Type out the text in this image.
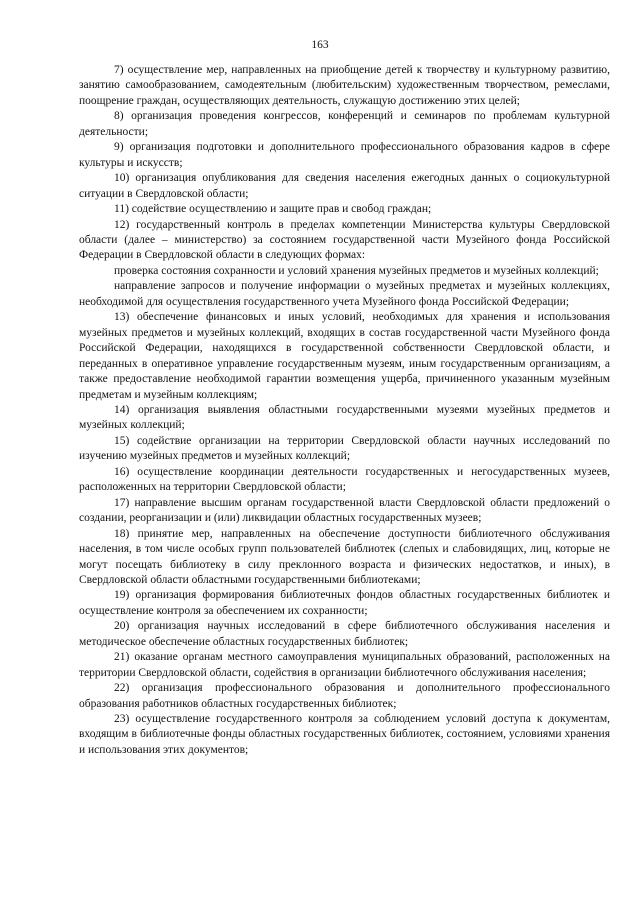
163

7) осуществление мер, направленных на приобщение детей к творчеству и культурному развитию, занятию самообразованием, самодеятельным (любительским) художественным творчеством, ремеслами, поощрение граждан, осуществляющих деятельность, служащую достижению этих целей;

8) организация проведения конгрессов, конференций и семинаров по проблемам культурной деятельности;

9) организация подготовки и дополнительного профессионального образования кадров в сфере культуры и искусств;

10) организация опубликования для сведения населения ежегодных данных о социокультурной ситуации в Свердловской области;

11) содействие осуществлению и защите прав и свобод граждан;

12) государственный контроль в пределах компетенции Министерства культуры Свердловской области (далее – министерство) за состоянием государственной части Музейного фонда Российской Федерации в Свердловской области в следующих формах:

проверка состояния сохранности и условий хранения музейных предметов и музейных коллекций;

направление запросов и получение информации о музейных предметах и музейных коллекциях, необходимой для осуществления государственного учета Музейного фонда Российской Федерации;

13) обеспечение финансовых и иных условий, необходимых для хранения и использования музейных предметов и музейных коллекций, входящих в состав государственной части Музейного фонда Российской Федерации, находящихся в государственной собственности Свердловской области, и переданных в оперативное управление государственным музеям, иным государственным организациям, а также предоставление необходимой гарантии возмещения ущерба, причиненного указанным музейным предметам и музейным коллекциям;

14) организация выявления областными государственными музеями музейных предметов и музейных коллекций;

15) содействие организации на территории Свердловской области научных исследований по изучению музейных предметов и музейных коллекций;

16) осуществление координации деятельности государственных и негосударственных музеев, расположенных на территории Свердловской области;

17) направление высшим органам государственной власти Свердловской области предложений о создании, реорганизации и (или) ликвидации областных государственных музеев;

18) принятие мер, направленных на обеспечение доступности библиотечного обслуживания населения, в том числе особых групп пользователей библиотек (слепых и слабовидящих, лиц, которые не могут посещать библиотеку в силу преклонного возраста и физических недостатков, и иных), в Свердловской области областными государственными библиотеками;

19) организация формирования библиотечных фондов областных государственных библиотек и осуществление контроля за обеспечением их сохранности;

20) организация научных исследований в сфере библиотечного обслуживания населения и методическое обеспечение областных государственных библиотек;

21) оказание органам местного самоуправления муниципальных образований, расположенных на территории Свердловской области, содействия в организации библиотечного обслуживания населения;

22) организация профессионального образования и дополнительного профессионального образования работников областных государственных библиотек;

23) осуществление государственного контроля за соблюдением условий доступа к документам, входящим в библиотечные фонды областных государственных библиотек, состоянием, условиями хранения и использования этих документов;
